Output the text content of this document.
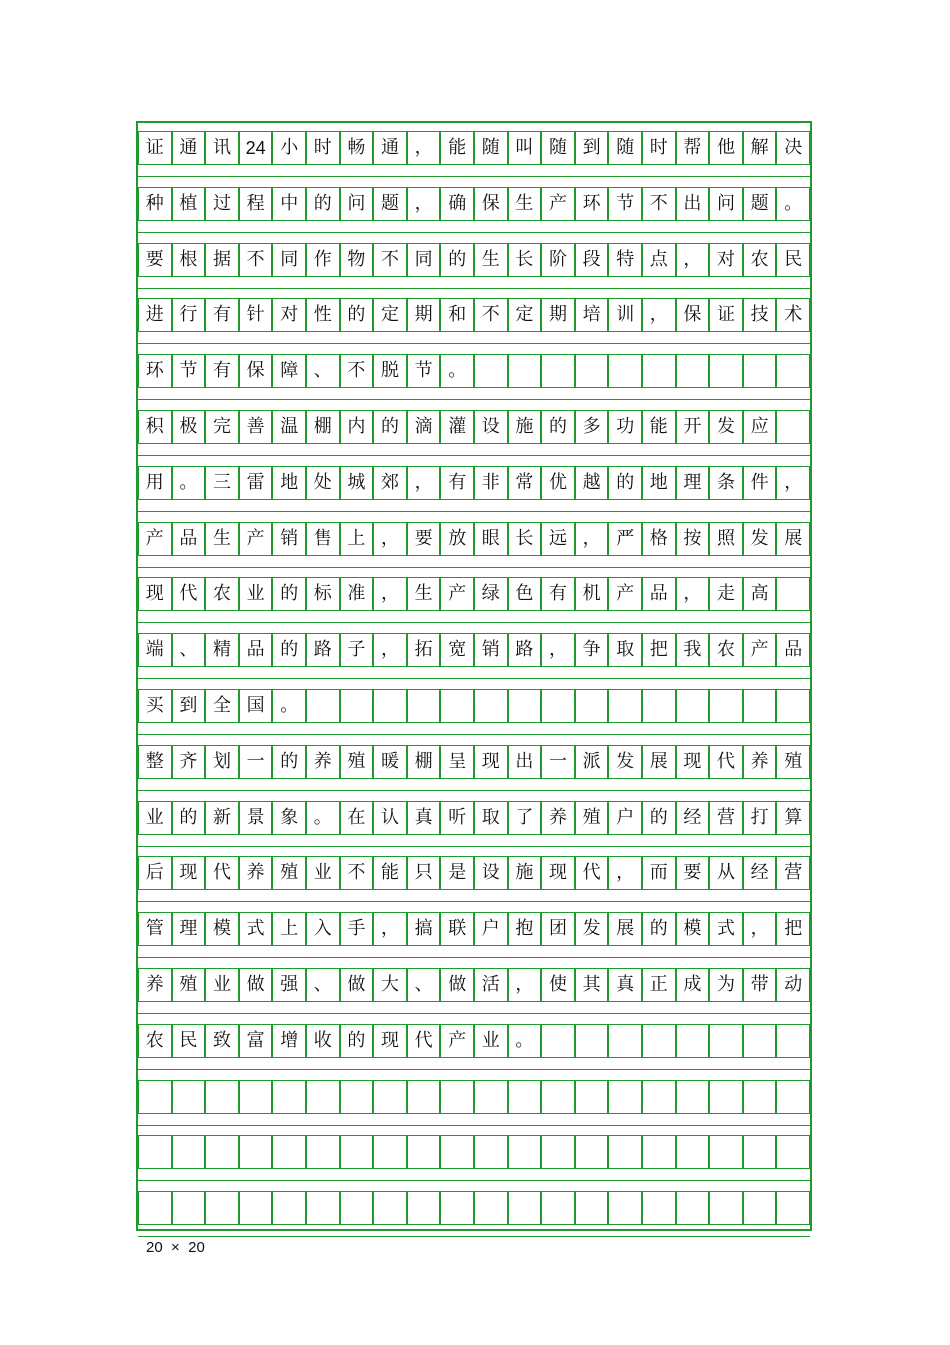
证 通 讯 24 小 时 畅 通 ， 能 随 叫 随 到 随 时 帮 他 解 决
种 植 过 程 中 的 问 题 ， 确 保 生 产 环 节 不 出 问 题 。
要 根 据 不 同 作 物 不 同 的 生 长 阶 段 特 点 ， 对 农 民
进 行 有 针 对 性 的 定 期 和 不 定 期 培 训 ， 保 证 技 术
环 节 有 保 障 、 不 脱 节 。
积 极 完 善 温 棚 内 的 滴 灌 设 施 的 多 功 能 开 发 应
用 。 三 雷 地 处 城 郊 ， 有 非 常 优 越 的 地 理 条 件 ，
产 品 生 产 销 售 上 ， 要 放 眼 长 远 ， 严 格 按 照 发 展
现 代 农 业 的 标 准 ， 生 产 绿 色 有 机 产 品 ， 走 高
端 、 精 品 的 路 子 ， 拓 宽 销 路 ， 争 取 把 我 农 产 品
买 到 全 国 。
整 齐 划 一 的 养 殖 暖 棚 呈 现 出 一 派 发 展 现 代 养 殖
业 的 新 景 象 。 在 认 真 听 取 了 养 殖 户 的 经 营 打 算
后 现 代 养 殖 业 不 能 只 是 设 施 现 代 ， 而 要 从 经 营
管 理 模 式 上 入 手 ， 搞 联 户 抱 团 发 展 的 模 式 ， 把
养 殖 业 做 强 、 做 大 、 做 活 ， 使 其 真 正 成 为 带 动
农 民 致 富 增 收 的 现 代 产 业 。
20  ×  20
